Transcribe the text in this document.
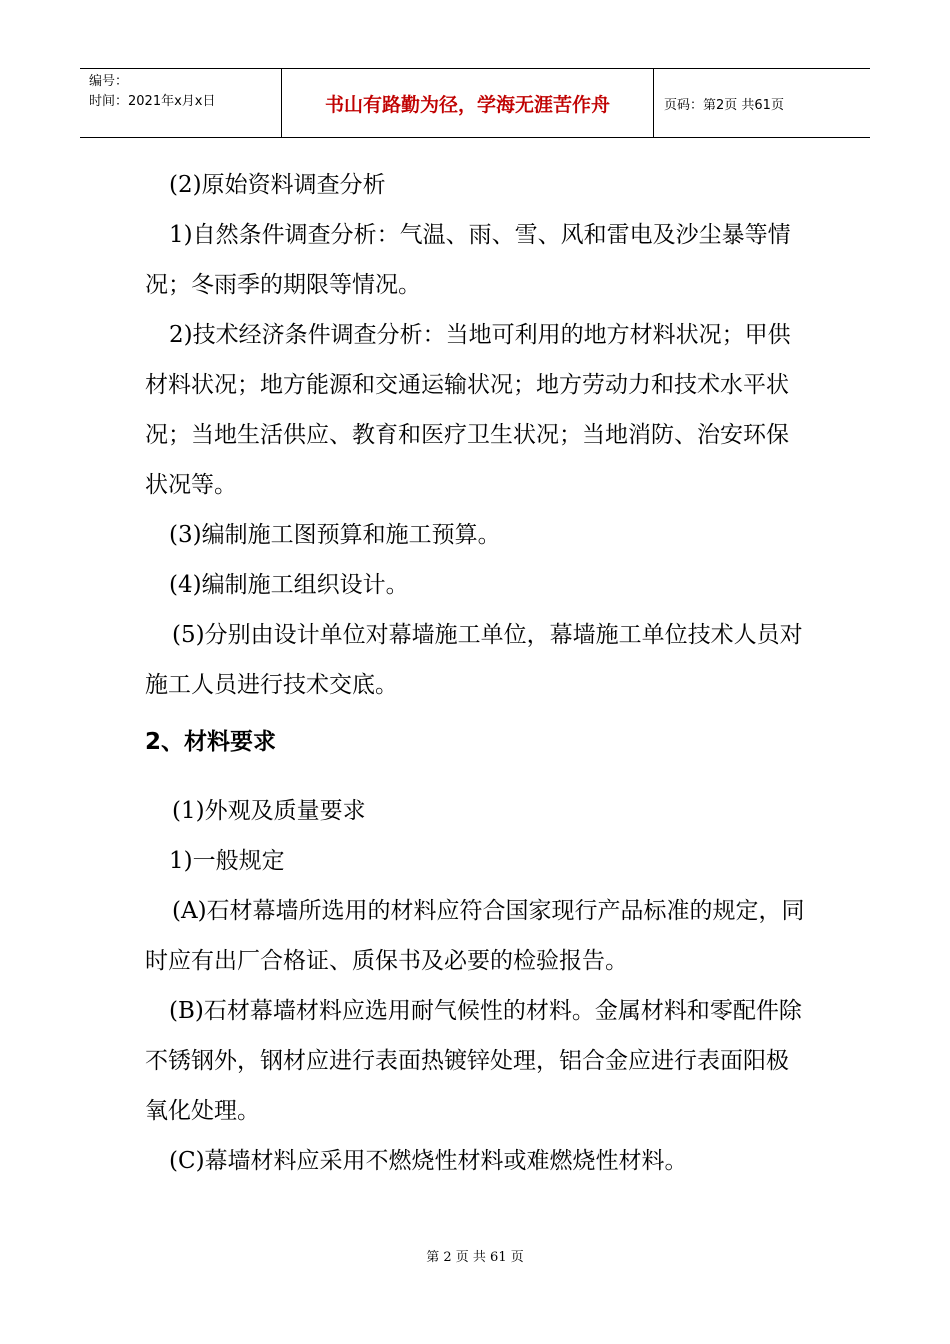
编号：
时间：2021年x月x日	书山有路勤为径，学海无涯苦作舟	页码：第2页 共61页

(2)原始资料调查分析

1)自然条件调查分析：气温、雨、雪、风和雷电及沙尘暴等情况；冬雨季的期限等情况。

2)技术经济条件调查分析：当地可利用的地方材料状况；甲供材料状况；地方能源和交通运输状况；地方劳动力和技术水平状况；当地生活供应、教育和医疗卫生状况；当地消防、治安环保状况等。

(3)编制施工图预算和施工预算。

(4)编制施工组织设计。

(5)分别由设计单位对幕墙施工单位，幕墙施工单位技术人员对施工人员进行技术交底。

2、材料要求

(1)外观及质量要求

1)一般规定

(A)石材幕墙所选用的材料应符合国家现行产品标准的规定，同时应有出厂合格证、质保书及必要的检验报告。

(B)石材幕墙材料应选用耐气候性的材料。金属材料和零配件除不锈钢外，钢材应进行表面热镀锌处理，铝合金应进行表面阳极氧化处理。

(C)幕墙材料应采用不燃烧性材料或难燃烧性材料。

第 2 页 共 61 页
